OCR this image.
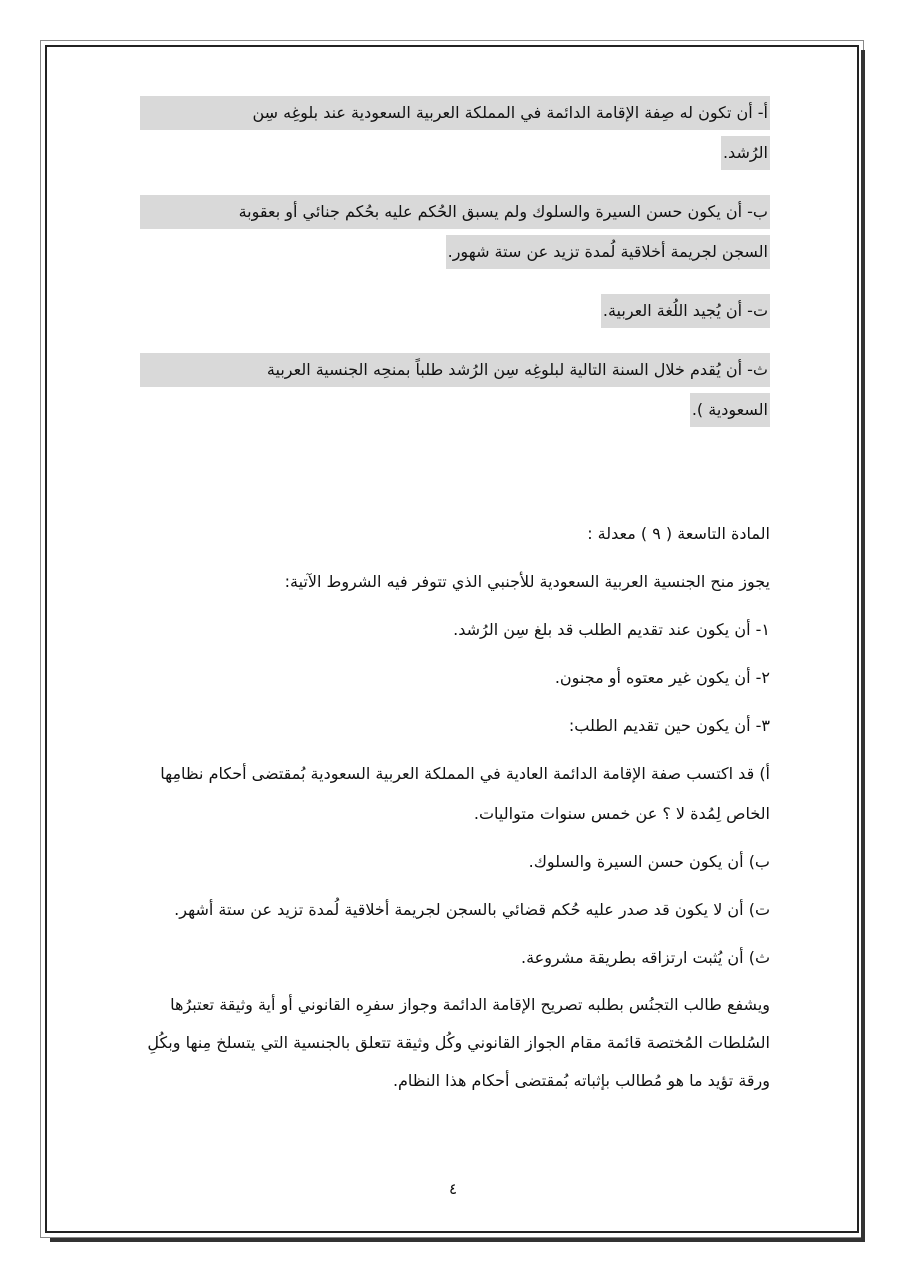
أ- أن تكون له صِفة الإقامة الدائمة في المملكة العربية السعودية عند بلوغِه سِن
الرُشد.
ب- أن يكون حسن السيرة والسلوك ولم يسبق الحُكم عليه بحُكم جنائي أو بعقوبة
السجن لجريمة أخلاقية لُمدة تزيد عن ستة شهور.
ت- أن يُجيد اللُغة العربية.
ث- أن يُقدم خلال السنة التالية لبلوغِه سِن الرُشد طلباً بمنحِه الجنسية العربية
السعودية ).

المادة التاسعة ( ٩ ) معدلة :

يجوز منح الجنسية العربية السعودية للأجنبي الذي تتوفر فيه الشروط الآتية:

١- أن يكون عند تقديم الطلب قد بلغ سِن الرُشد.

٢- أن يكون غير معتوه أو مجنون.

٣- أن يكون حين تقديم الطلب:

أ) قد اكتسب صفة الإقامة الدائمة العادية في المملكة العربية السعودية بُمقتضى أحكام نظامِها الخاص لِمُدة لا ؟ عن خمس سنوات متواليات.

ب) أن يكون حسن السيرة والسلوك.

ت) أن لا يكون قد صدر عليه حُكم قضائي بالسجن لجريمة أخلاقية لُمدة تزيد عن ستة أشهر.

ث) أن يُثبت ارتزاقه بطريقة مشروعة.

ويشفع طالب التجنُس بطلبه تصريح الإقامة الدائمة وجواز سفرِه القانوني أو أية وثيقة تعتبرُها السُلطات المُختصة قائمة مقام الجواز القانوني وكُل وثيقة تتعلق بالجنسية التي يتسلخ مِنها وبكُلِ ورقة تؤيد ما هو مُطالب بإثباته بُمقتضى أحكام هذا النظام.

٤
